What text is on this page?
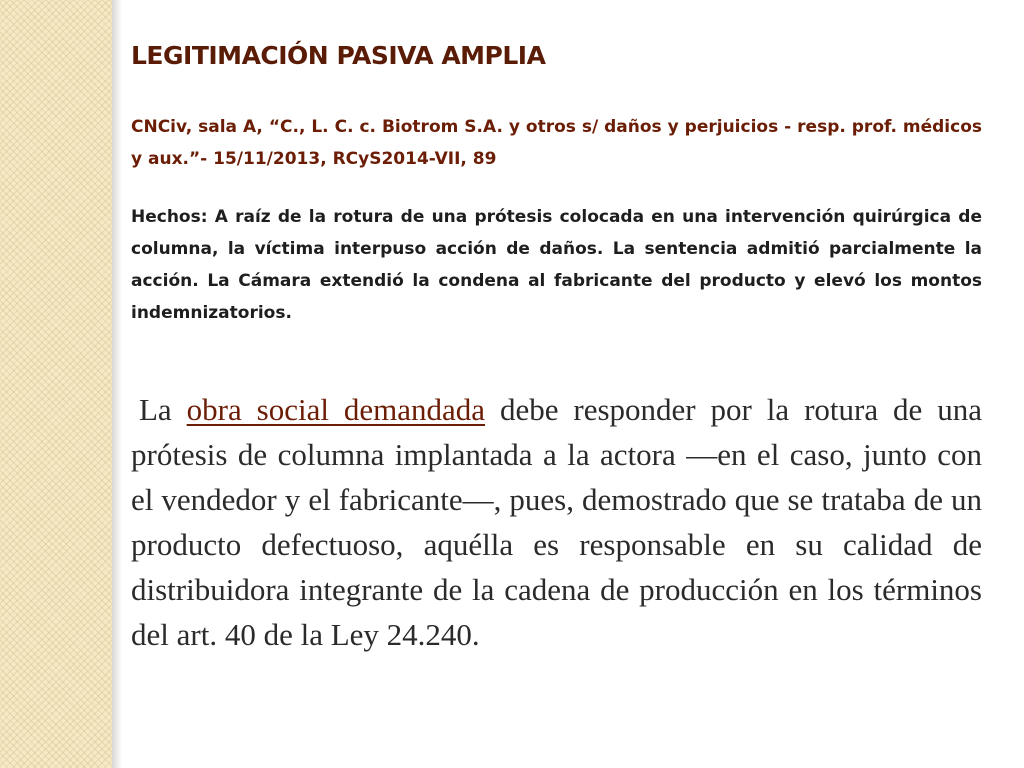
LEGITIMACIÓN PASIVA AMPLIA

CNCiv, sala A, “C., L. C. c. Biotrom S.A. y otros s/ daños y perjuicios - resp. prof. médicos y aux.”- 15/11/2013, RCyS2014-VII, 89

Hechos: A raíz de la rotura de una prótesis colocada en una intervención quirúrgica de columna, la víctima interpuso acción de daños. La sentencia admitió parcialmente la acción. La Cámara extendió la condena al fabricante del producto y elevó los montos indemnizatorios.

La obra social demandada debe responder por la rotura de una prótesis de columna implantada a la actora —en el caso, junto con el vendedor y el fabricante—, pues, demostrado que se trataba de un producto defectuoso, aquélla es responsable en su calidad de distribuidora integrante de la cadena de producción en los términos del art. 40 de la Ley 24.240.
